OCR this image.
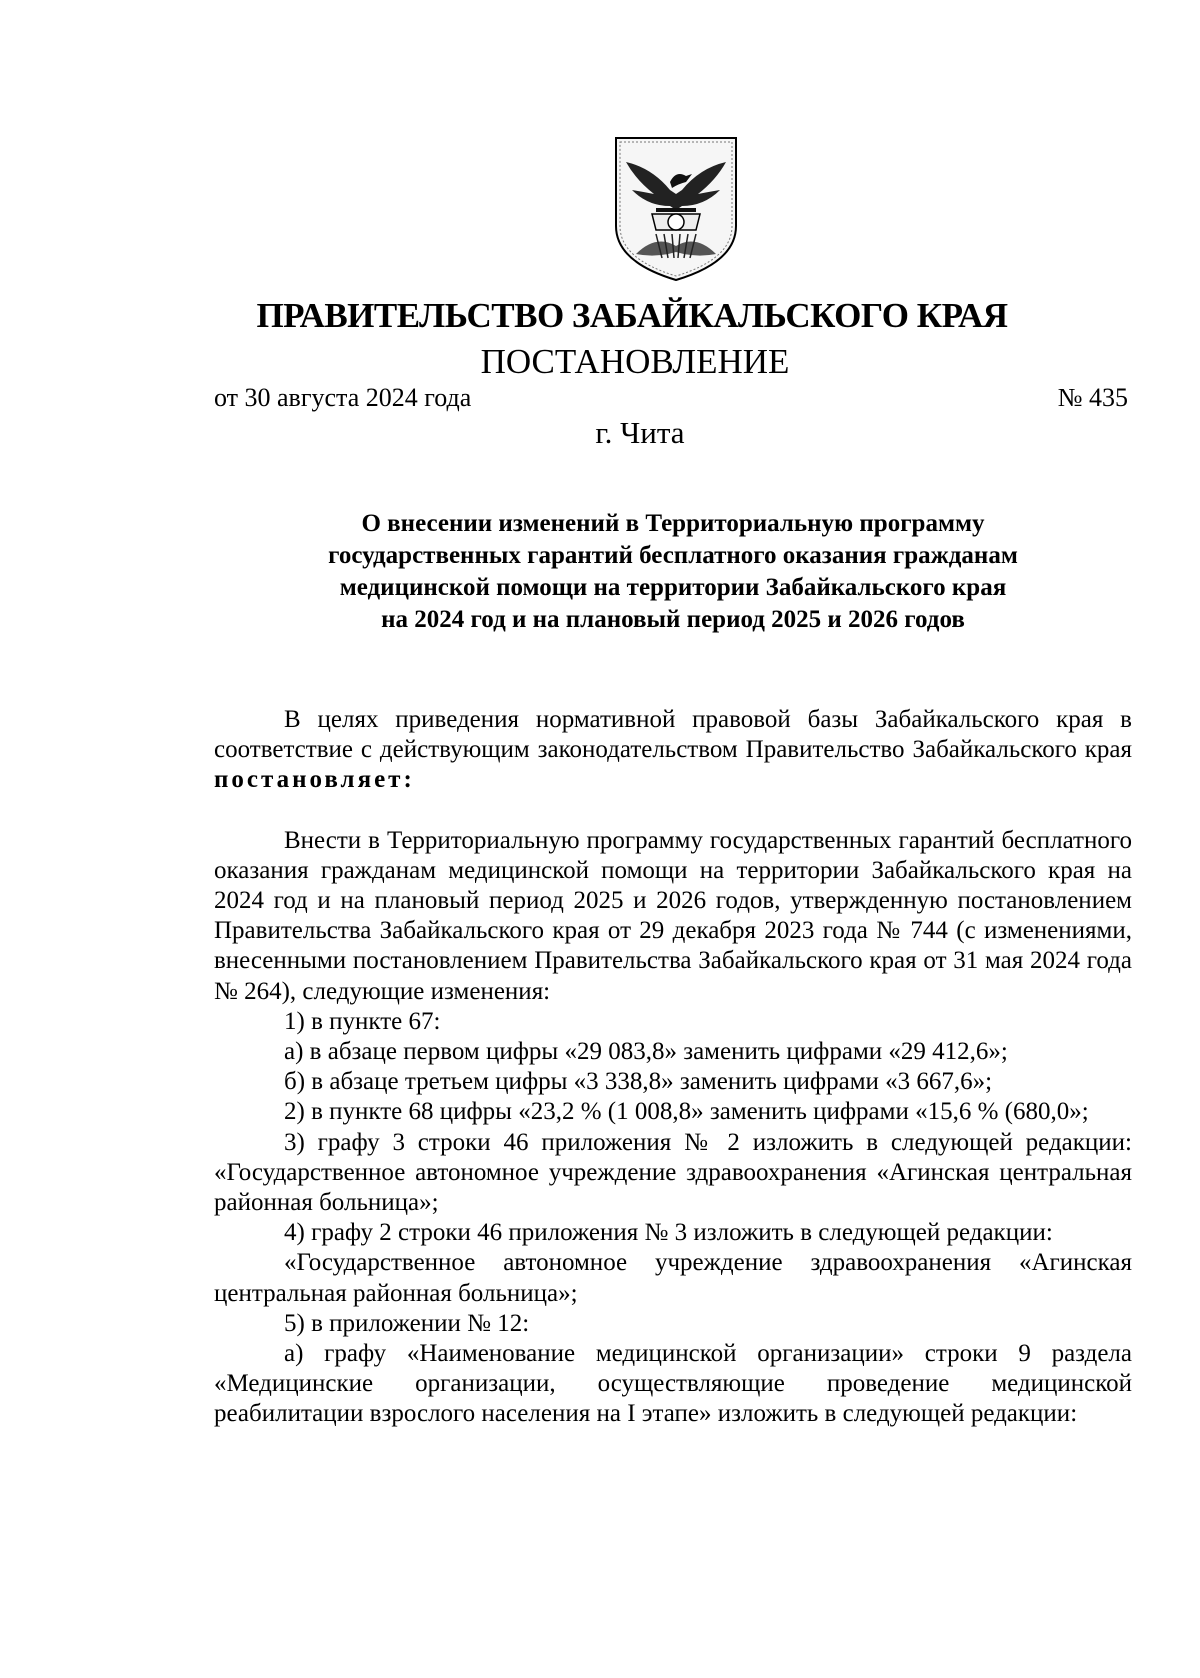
ПРАВИТЕЛЬСТВО ЗАБАЙКАЛЬСКОГО КРАЯ
ПОСТАНОВЛЕНИЕ
от 30 августа 2024 года	№ 435
г. Чита
О внесении изменений в Территориальную программу
государственных гарантий бесплатного оказания гражданам
медицинской помощи на территории Забайкальского края
на 2024 год и на плановый период 2025 и 2026 годов

В целях приведения нормативной правовой базы Забайкальского края в соответствие с действующим законодательством Правительство Забайкальского края постановляет:

Внести в Территориальную программу государственных гарантий бесплатного оказания гражданам медицинской помощи на территории Забайкальского края на 2024 год и на плановый период 2025 и 2026 годов, утвержденную постановлением Правительства Забайкальского края от 29 декабря 2023 года № 744 (с изменениями, внесенными постановлением Правительства Забайкальского края от 31 мая 2024 года № 264), следующие изменения:

1) в пункте 67:

а) в абзаце первом цифры «29 083,8» заменить цифрами «29 412,6»;

б) в абзаце третьем цифры «3 338,8» заменить цифрами «3 667,6»;

2) в пункте 68 цифры «23,2 % (1 008,8» заменить цифрами «15,6 % (680,0»;

3) графу 3 строки 46 приложения № 2 изложить в следующей редакции: «Государственное автономное учреждение здравоохранения «Агинская центральная районная больница»;

4) графу 2 строки 46 приложения № 3 изложить в следующей редакции:

«Государственное автономное учреждение здравоохранения «Агинская центральная районная больница»;

5) в приложении № 12:

а) графу «Наименование медицинской организации» строки 9 раздела «Медицинские организации, осуществляющие проведение медицинской реабилитации взрослого населения на I этапе» изложить в следующей редакции:
